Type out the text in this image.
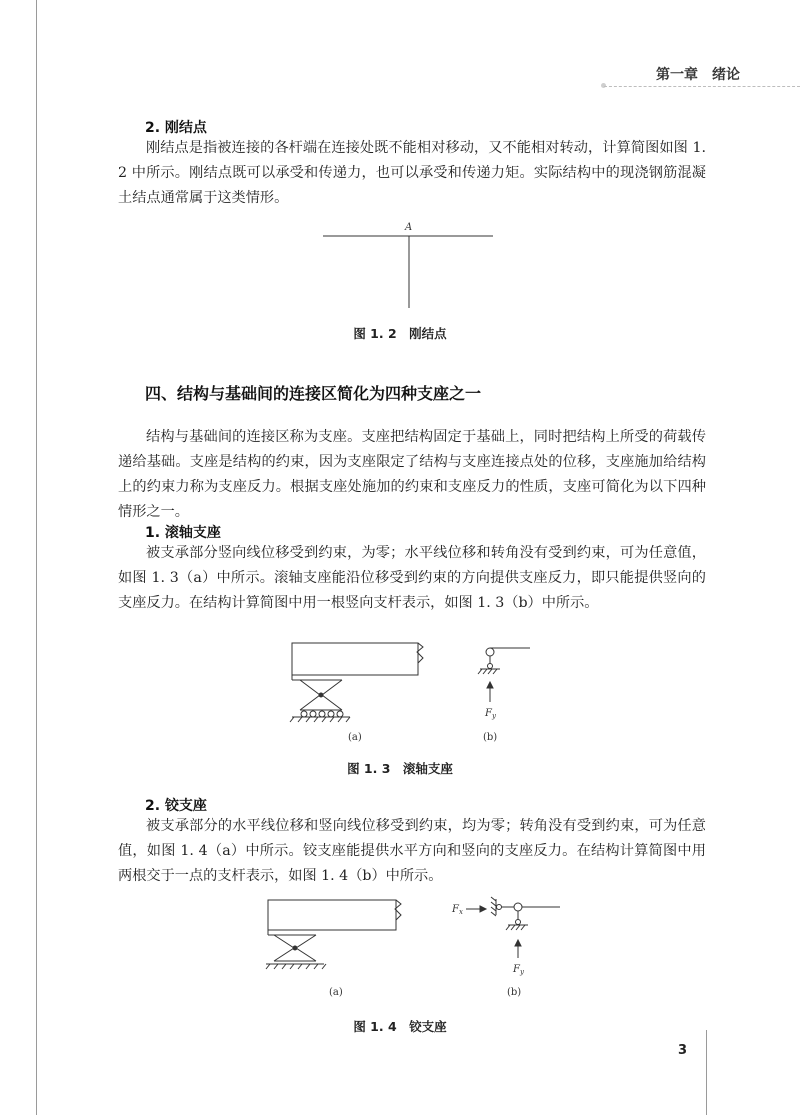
第一章　绪论
2. 刚结点
刚结点是指被连接的各杆端在连接处既不能相对移动，又不能相对转动，计算简图如图 1. 2 中所示。刚结点既可以承受和传递力，也可以承受和传递力矩。实际结构中的现浇钢筋混凝土结点通常属于这类情形。
A
图 1. 2　刚结点
四、结构与基础间的连接区简化为四种支座之一
结构与基础间的连接区称为支座。支座把结构固定于基础上，同时把结构上所受的荷载传递给基础。支座是结构的约束，因为支座限定了结构与支座连接点处的位移，支座施加给结构上的约束力称为支座反力。根据支座处施加的约束和支座反力的性质，支座可简化为以下四种情形之一。
1. 滚轴支座
被支承部分竖向线位移受到约束，为零；水平线位移和转角没有受到约束，可为任意值，如图 1. 3（a）中所示。滚轴支座能沿位移受到约束的方向提供支座反力，即只能提供竖向的支座反力。在结构计算简图中用一根竖向支杆表示，如图 1. 3（b）中所示。
$F_y$
(a)	(b)
图 1. 3　滚轴支座
2. 铰支座
被支承部分的水平线位移和竖向线位移受到约束，均为零；转角没有受到约束，可为任意值，如图 1. 4（a）中所示。铰支座能提供水平方向和竖向的支座反力。在结构计算简图中用两根交于一点的支杆表示，如图 1. 4（b）中所示。
$F_x$
$F_y$
(a)	(b)
图 1. 4　铰支座
3
